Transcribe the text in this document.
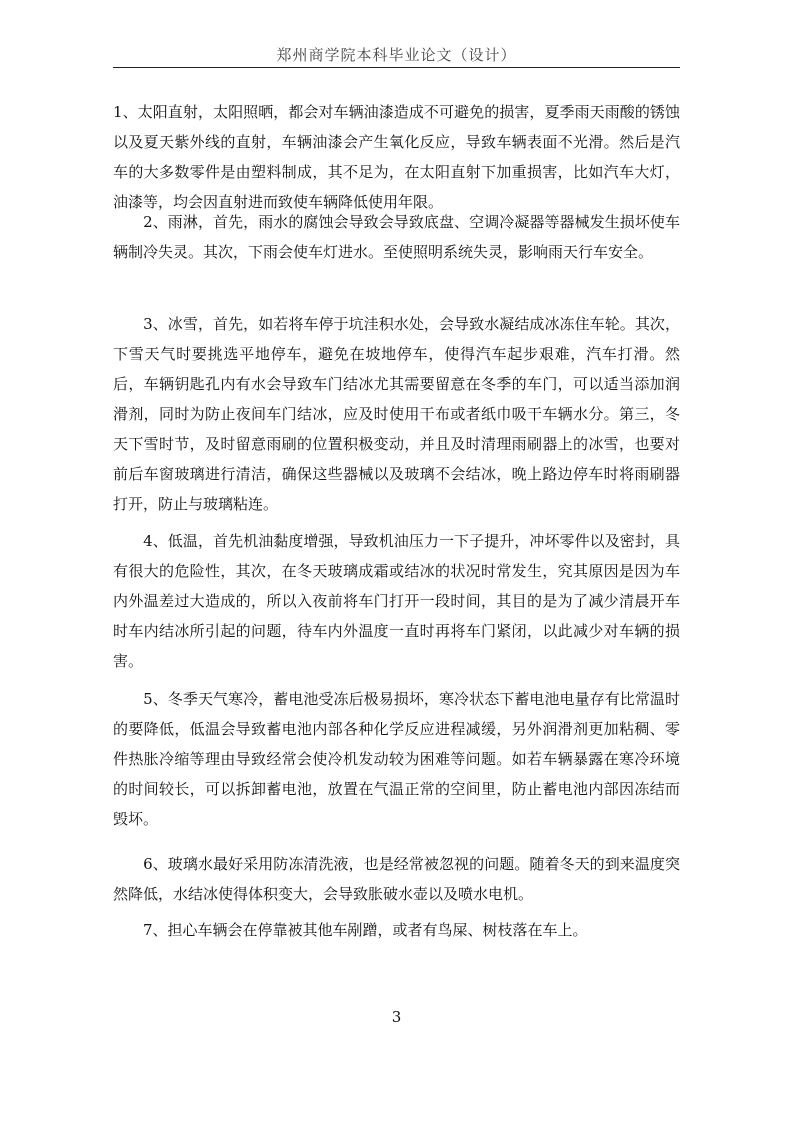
郑州商学院本科毕业论文（设计）

1、太阳直射，太阳照晒，都会对车辆油漆造成不可避免的损害，夏季雨天雨酸的锈蚀以及夏天紫外线的直射，车辆油漆会产生氧化反应，导致车辆表面不光滑。然后是汽车的大多数零件是由塑料制成，其不足为，在太阳直射下加重损害，比如汽车大灯，油漆等，均会因直射进而致使车辆降低使用年限。

　　2、雨淋，首先，雨水的腐蚀会导致会导致底盘、空调冷凝器等器械发生损坏使车辆制冷失灵。其次，下雨会使车灯进水。至使照明系统失灵，影响雨天行车安全。

　　3、冰雪，首先，如若将车停于坑洼积水处，会导致水凝结成冰冻住车轮。其次，下雪天气时要挑选平地停车，避免在坡地停车，使得汽车起步艰难，汽车打滑。然后，车辆钥匙孔内有水会导致车门结冰尤其需要留意在冬季的车门，可以适当添加润滑剂，同时为防止夜间车门结冰，应及时使用干布或者纸巾吸干车辆水分。第三，冬天下雪时节，及时留意雨刷的位置积极变动，并且及时清理雨刷器上的冰雪，也要对前后车窗玻璃进行清洁，确保这些器械以及玻璃不会结冰，晚上路边停车时将雨刷器打开，防止与玻璃粘连。

　　4、低温，首先机油黏度增强，导致机油压力一下子提升，冲坏零件以及密封，具有很大的危险性，其次，在冬天玻璃成霜或结冰的状况时常发生，究其原因是因为车内外温差过大造成的，所以入夜前将车门打开一段时间，其目的是为了减少清晨开车时车内结冰所引起的问题，待车内外温度一直时再将车门紧闭，以此减少对车辆的损害。

　　5、冬季天气寒冷，蓄电池受冻后极易损坏，寒冷状态下蓄电池电量存有比常温时的要降低，低温会导致蓄电池内部各种化学反应进程减缓，另外润滑剂更加粘稠、零件热胀冷缩等理由导致经常会使冷机发动较为困难等问题。如若车辆暴露在寒冷环境的时间较长，可以拆卸蓄电池，放置在气温正常的空间里，防止蓄电池内部因冻结而毁坏。

　　6、玻璃水最好采用防冻清洗液，也是经常被忽视的问题。随着冬天的到来温度突然降低，水结冰使得体积变大，会导致胀破水壶以及喷水电机。

　　7、担心车辆会在停靠被其他车剐蹭，或者有鸟屎、树枝落在车上。

3
